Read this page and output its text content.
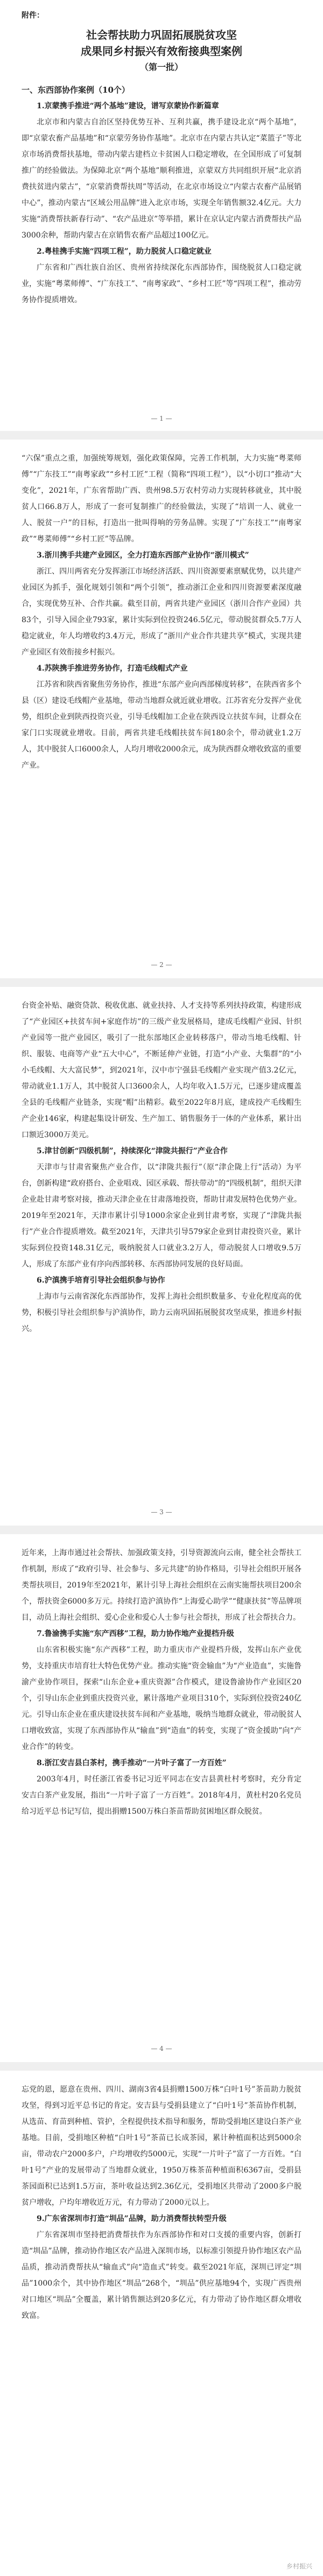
附件：
社会帮扶助力巩固拓展脱贫攻坚
成果同乡村振兴有效衔接典型案例
（第一批）
一、东西部协作案例（10个）
1.京蒙携手推进“两个基地”建设，谱写京蒙协作新篇章

北京市和内蒙古自治区坚持优势互补、互利共赢，携手建设北京“两个基地”，即“京蒙农畜产品基地”和“京蒙劳务协作基地”。北京市在内蒙古共认定“菜篮子”等北京市场消费帮扶基地，带动内蒙古建档立卡贫困人口稳定增收，在全国形成了可复制推广的经验做法。为保障北京“两个基地”顺利推进，京蒙双方共同组织开展“北京消费扶贫进内蒙古”，“京蒙消费帮扶周”等活动，在北京市场设立“内蒙古农畜产品展销中心”，推动内蒙古“区域公用品牌”进入北京市场，实现全年销售额32.4亿元。大力实施“消费帮扶新春行动”、“农产品进京”等举措，累计在京认定内蒙古消费帮扶产品3000余种，帮助内蒙古在京销售农畜产品超过100亿元。

2.粤桂携手实施“四项工程”，助力脱贫人口稳定就业

广东省和广西壮族自治区、贵州省持续深化东西部协作，围绕脱贫人口稳定就业，实施“粤菜师傅”、“广东技工”、“南粤家政”、“乡村工匠”等“四项工程”，推动劳务协作提质增效。

— 1 —

“六保”重点之重，加强统筹规划，强化政策保障，完善工作机制，大力实施“粤菜师傅”“广东技工”“南粤家政”“乡村工匠”工程（简称“四项工程”），以“小切口”推动“大变化”，2021年，广东省帮助广西、贵州98.5万农村劳动力实现转移就业，其中脱贫人口66.8万人，形成了一套可复制推广的经验做法，实现了“培训一人、就业一人、脱贫一户”的目标，打造出一批叫得响的劳务品牌。实现了“广东技工”“南粤家政”“粤菜师傅”“乡村工匠”等品牌。

3.浙川携手共建产业园区，全力打造东西部产业协作“浙川模式”

浙江、四川两省充分发挥浙江市场经济活跃、四川资源要素禀赋优势，以共建产业园区为抓手，强化规划引领和“两个引领”，推动浙江企业和四川资源要素深度融合，实现优势互补、合作共赢。截至目前，两省共建产业园区（浙川合作产业园）共83个，引导入园企业793家，累计实际到位投资246.5亿元，带动脱贫群众5.7万人稳定就业，年人均增收约3.4万元，形成了“浙川产业合作共建共享”模式，实现共建产业园区有效衔接乡村振兴。

4.苏陕携手推进劳务协作，打造毛线帽式产业

江苏省和陕西省聚焦劳务协作，推进“东部产业向西部梯度转移”，在陕西省多个县（区）建设毛线帽产业基地，带动当地群众就近就业增收。江苏省充分发挥产业优势，组织企业到陕西投资兴业，引导毛线帽加工企业在陕西设立扶贫车间，让群众在家门口实现就业增收。目前，两省共建毛线帽扶贫车间180余个，带动就业1.2万人，其中脱贫人口6000余人，人均月增收2000余元，成为陕西群众增收致富的重要产业。

— 2 —

台资金补贴、融资贷款、税收优惠、就业扶持、人才支持等系列扶持政策，构建形成了“产业园区+扶贫车间+家庭作坊”的三级产业发展格局，建成毛线帽产业园、针织产业园等一批产业园区，吸引了一批东部地区企业转移落户，带动当地毛线帽、针织、服装、电商等产业“五大中心”，不断延伸产业链，打造“小产业、大集群”的“小小毛线帽、大大富民梦”，到2021年，汉中市宁强县毛线帽产业实现产值3.2亿元，带动就业1.1万人，其中脱贫人口3600余人，人均年收入1.5万元，已逐步建成覆盖全县的毛线帽产业链条，实现“帽”出精彩。截至2022年8月底，建成投产毛线帽生产企业146家，构建起集设计研发、生产加工、销售服务于一体的产业体系，累计出口额近3000万美元。

5.津甘创新“四级机制”，持续深化“津陇共振行”产业合作

天津市与甘肃省聚焦产业合作，以“津陇共振行”（原“津企陇上行”活动）为平台，创新构建“政府搭台、企业唱戏、园区承载、帮扶带动”的“四级机制”，组织天津企业赴甘肃考察对接，推动天津企业在甘肃落地投资，帮助甘肃发展特色优势产业。2019年至2021年，天津市累计引导1000余家企业到甘肃考察，实现了“津陇共振行”产业合作提质增效。截至2021年，天津共引导579家企业到甘肃投资兴业，累计实际到位投资148.31亿元，吸纳脱贫人口就业3.2万人，带动脱贫人口增收9.5万人，形成了东部产业有序向西部转移、东西部协同发展的良好局面。

6.沪滇携手培育引导社会组织参与协作

上海市与云南省深化东西部协作，发挥上海社会组织数量多、专业化程度高的优势，积极引导社会组织参与沪滇协作，助力云南巩固拓展脱贫攻坚成果，推进乡村振兴。

— 3 —

近年来，上海市通过社会帮扶、加强政策支持，引导资源流向云南，健全社会帮扶工作机制，形成了“政府引导、社会参与、多元共建”的协作格局，引导社会组织开展各类帮扶项目，2019年至2021年，累计引导上海社会组织在云南实施帮扶项目200余个，帮扶资金6000多万元。持续打造沪滇协作“上海爱心助学”“健康扶贫”等品牌项目，动员上海社会组织、爱心企业和爱心人士参与社会帮扶，形成了社会帮扶合力。

7.鲁渝携手实施“东产西移”工程，助力协作地产业提档升级

山东省积极实施“东产西移”工程，助力重庆市产业提档升级，发挥山东产业优势，支持重庆市培育壮大特色优势产业。推动实施“资金输血”为“产业造血”，实施鲁渝产业协作项目，探索“山东企业+重庆资源”合作模式，建设鲁渝协作产业园区20个，引导山东企业到重庆投资兴业，累计落地产业项目310个，实际到位投资240亿元。引导山东企业在重庆建设扶贫车间和产业基地，吸纳当地群众就业，带动脱贫人口增收致富，实现了东西部协作从“输血”到“造血”的转变，实现了“资金援助”向“产业合作”的转变。

8.浙江安吉县白茶村，携手推动“一片叶子富了一方百姓”

2003年4月，时任浙江省委书记习近平同志在安吉县黄杜村考察时，充分肯定安吉白茶产业发展，指出“一片叶子富了一方百姓”。2018年4月，黄杜村20名党员给习近平总书记写信，提出捐赠1500万株白茶苗帮助贫困地区群众脱贫。

— 4 —

忘党的恩，愿意在贵州、四川、湖南3省4县捐赠1500万株“白叶1号”茶苗助力脱贫攻坚，得到习近平总书记的肯定。安吉县与受捐县建立了“白叶1号”茶苗协作机制，从选苗、育苗到种植、管护，全程提供技术指导和服务，帮助受捐地区建设白茶产业基地。目前，受捐地区种植“白叶1号”茶苗已长成茶园，累计种植面积达到5000余亩，带动农户2000多户，户均增收约5000元，实现“一片叶子”富了一方百姓。“白叶1号”产业的发展带动了当地群众就业，1950万株茶苗种植面积6367亩，受捐县茶园面积已达到1.5万亩，茶叶收益达到2.36亿元，受捐地区共带动了2000多户脱贫户增收，户均年增收近万元，有力带动了2000元以上。

9.广东省深圳市打造“圳品”品牌，助力消费帮扶转型升级

广东省深圳市坚持把消费帮扶作为东西部协作和对口支援的重要内容，创新打造“圳品”品牌，推动协作地区农产品进入深圳市场，以标准引领提升协作地区农产品品质，推动消费帮扶从“输血式”向“造血式”转变。截至2021年底，深圳已评定“圳品”1000余个，其中协作地区“圳品”268个，“圳品”供应基地94个，实现广西贵州对口地区“圳品”全覆盖，累计销售额达到20多亿元，有力带动了协作地区群众增收致富。

乡村振兴
